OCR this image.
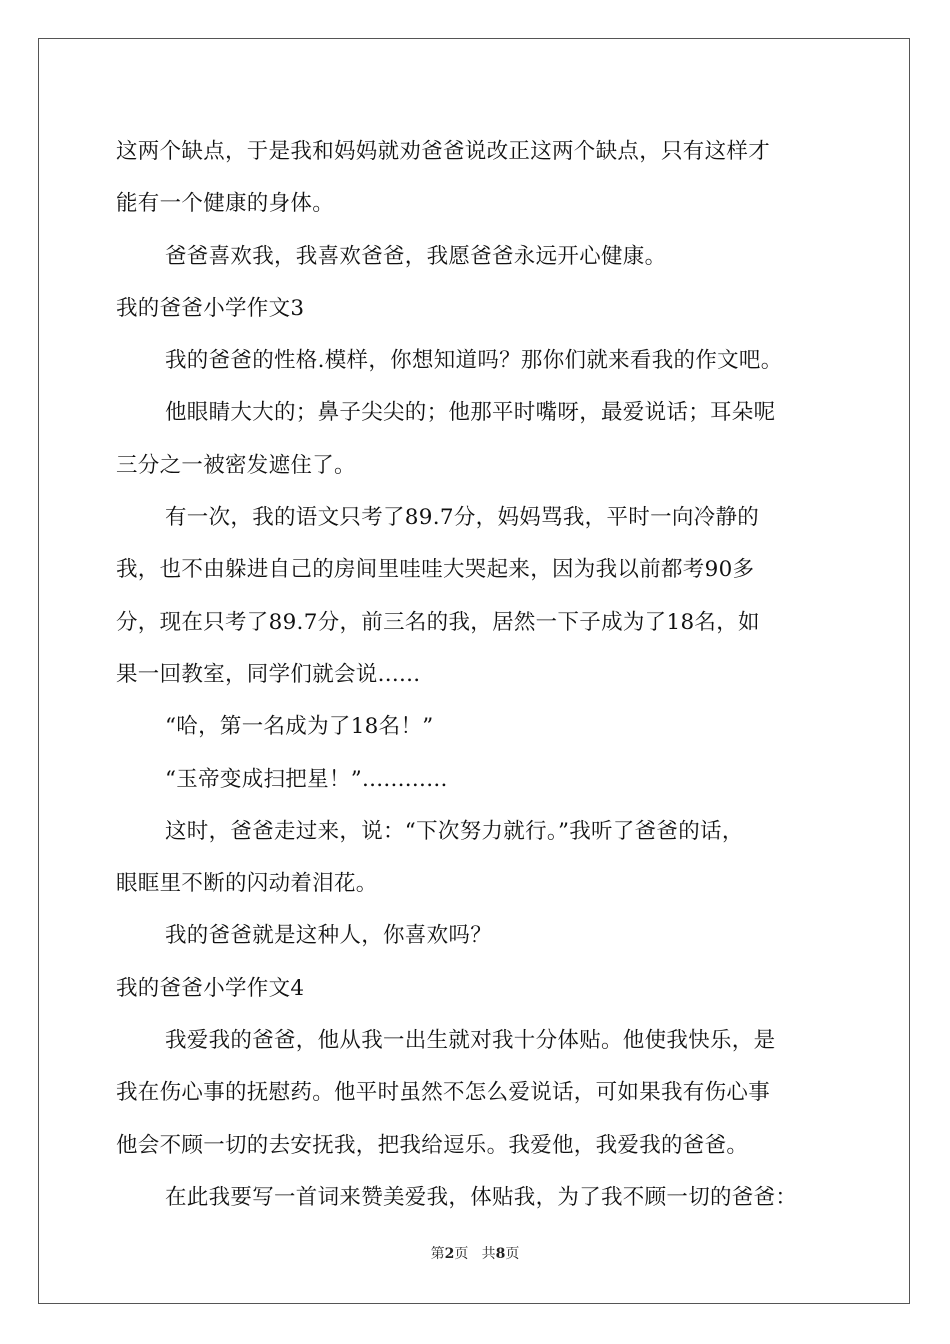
这两个缺点，于是我和妈妈就劝爸爸说改正这两个缺点，只有这样才
能有一个健康的身体。
爸爸喜欢我，我喜欢爸爸，我愿爸爸永远开心健康。
我的爸爸小学作文3
我的爸爸的性格.模样，你想知道吗？那你们就来看我的作文吧。
他眼睛大大的；鼻子尖尖的；他那平时嘴呀，最爱说话；耳朵呢
三分之一被密发遮住了。
有一次，我的语文只考了89.7分，妈妈骂我，平时一向冷静的
我，也不由躲进自己的房间里哇哇大哭起来，因为我以前都考90多
分，现在只考了89.7分，前三名的我，居然一下子成为了18名，如
果一回教室，同学们就会说......
“哈，第一名成为了18名！”
“玉帝变成扫把星！”............
这时，爸爸走过来，说：“下次努力就行。”我听了爸爸的话，
眼眶里不断的闪动着泪花。
我的爸爸就是这种人，你喜欢吗？
我的爸爸小学作文4
我爱我的爸爸，他从我一出生就对我十分体贴。他使我快乐，是
我在伤心事的抚慰药。他平时虽然不怎么爱说话，可如果我有伤心事
他会不顾一切的去安抚我，把我给逗乐。我爱他，我爱我的爸爸。
在此我要写一首词来赞美爱我，体贴我，为了我不顾一切的爸爸：
第2页 共8页
